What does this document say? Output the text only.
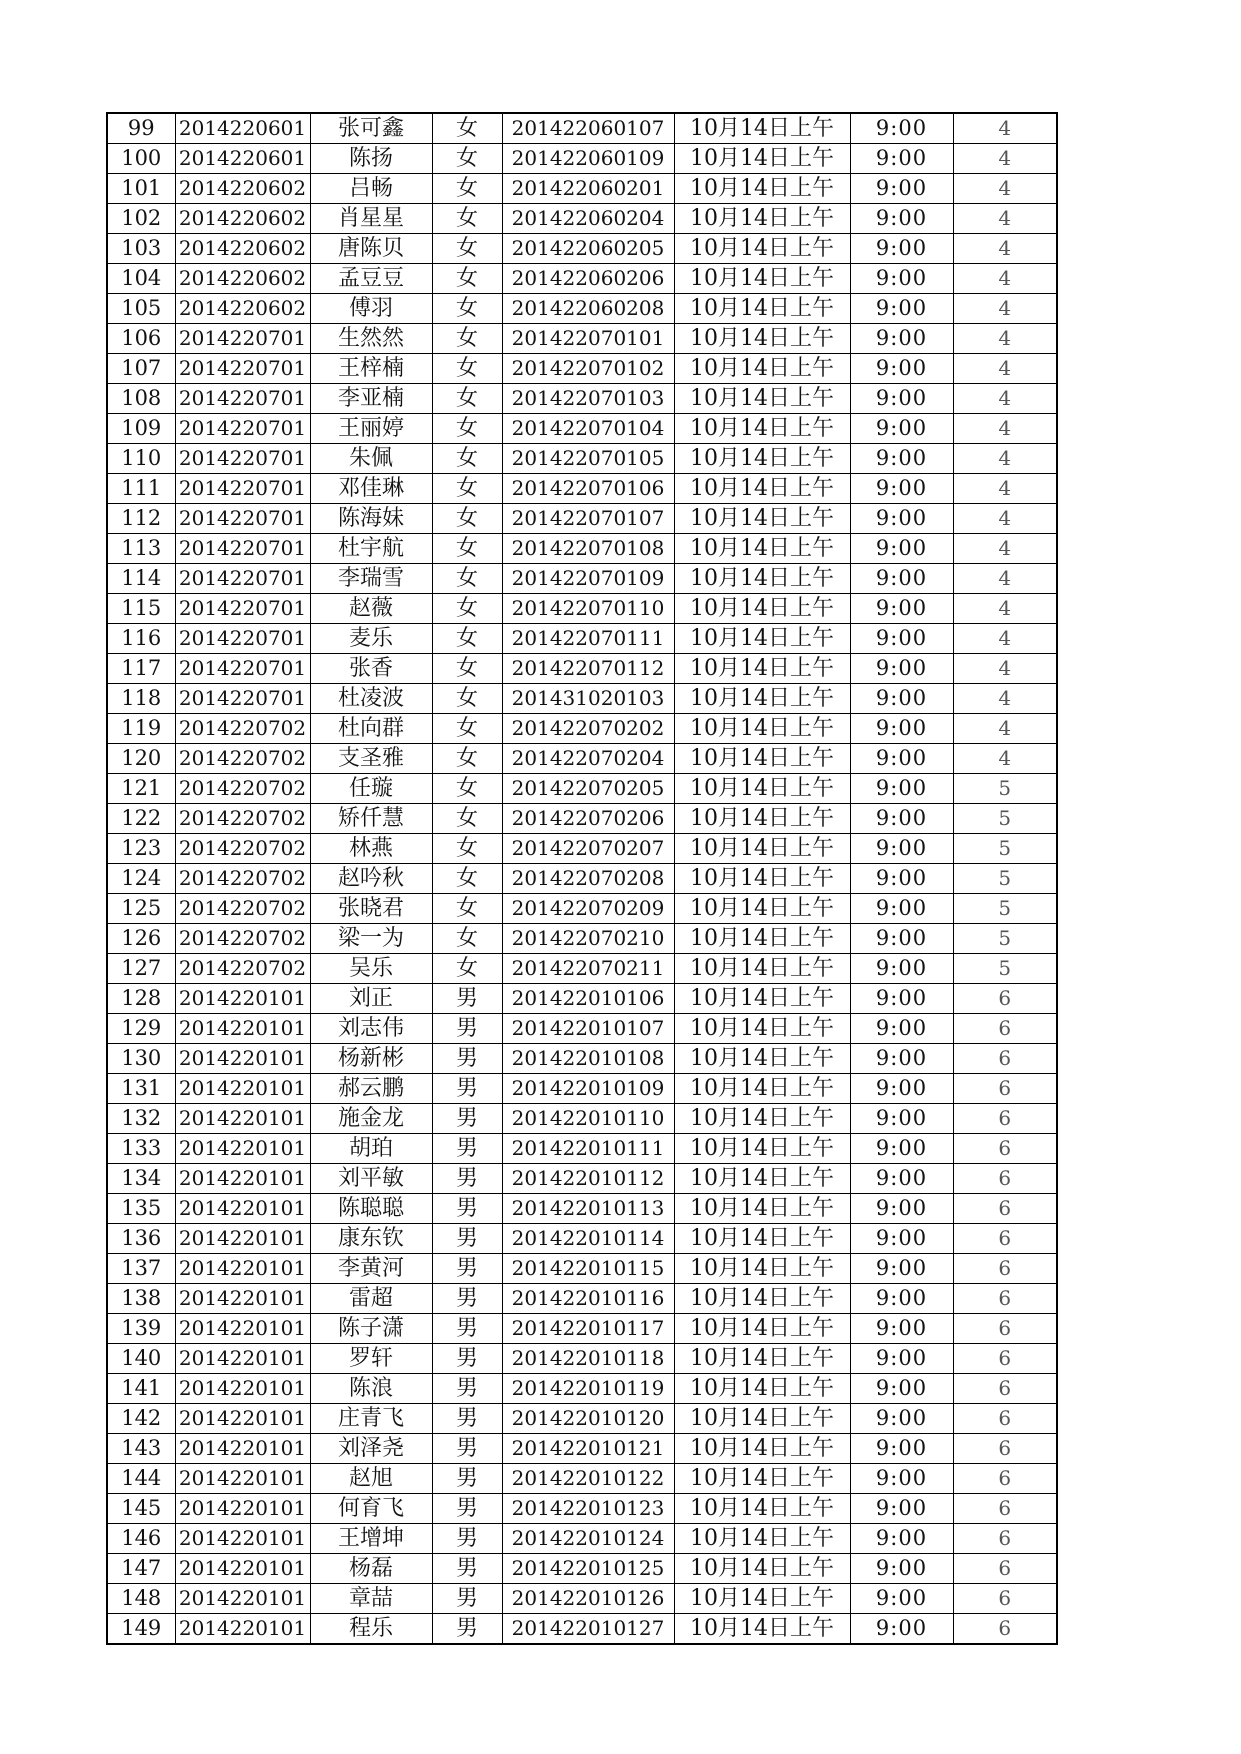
99	2014220601	张可鑫	女	201422060107	10月14日上午	9:00	4
100	2014220601	陈扬	女	201422060109	10月14日上午	9:00	4
101	2014220602	吕畅	女	201422060201	10月14日上午	9:00	4
102	2014220602	肖星星	女	201422060204	10月14日上午	9:00	4
103	2014220602	唐陈贝	女	201422060205	10月14日上午	9:00	4
104	2014220602	孟豆豆	女	201422060206	10月14日上午	9:00	4
105	2014220602	傅羽	女	201422060208	10月14日上午	9:00	4
106	2014220701	生然然	女	201422070101	10月14日上午	9:00	4
107	2014220701	王梓楠	女	201422070102	10月14日上午	9:00	4
108	2014220701	李亚楠	女	201422070103	10月14日上午	9:00	4
109	2014220701	王丽婷	女	201422070104	10月14日上午	9:00	4
110	2014220701	朱佩	女	201422070105	10月14日上午	9:00	4
111	2014220701	邓佳琳	女	201422070106	10月14日上午	9:00	4
112	2014220701	陈海妹	女	201422070107	10月14日上午	9:00	4
113	2014220701	杜宇航	女	201422070108	10月14日上午	9:00	4
114	2014220701	李瑞雪	女	201422070109	10月14日上午	9:00	4
115	2014220701	赵薇	女	201422070110	10月14日上午	9:00	4
116	2014220701	麦乐	女	201422070111	10月14日上午	9:00	4
117	2014220701	张香	女	201422070112	10月14日上午	9:00	4
118	2014220701	杜凌波	女	201431020103	10月14日上午	9:00	4
119	2014220702	杜向群	女	201422070202	10月14日上午	9:00	4
120	2014220702	支圣雅	女	201422070204	10月14日上午	9:00	4
121	2014220702	任璇	女	201422070205	10月14日上午	9:00	5
122	2014220702	矫仟慧	女	201422070206	10月14日上午	9:00	5
123	2014220702	林燕	女	201422070207	10月14日上午	9:00	5
124	2014220702	赵吟秋	女	201422070208	10月14日上午	9:00	5
125	2014220702	张晓君	女	201422070209	10月14日上午	9:00	5
126	2014220702	梁一为	女	201422070210	10月14日上午	9:00	5
127	2014220702	吴乐	女	201422070211	10月14日上午	9:00	5
128	2014220101	刘正	男	201422010106	10月14日上午	9:00	6
129	2014220101	刘志伟	男	201422010107	10月14日上午	9:00	6
130	2014220101	杨新彬	男	201422010108	10月14日上午	9:00	6
131	2014220101	郝云鹏	男	201422010109	10月14日上午	9:00	6
132	2014220101	施金龙	男	201422010110	10月14日上午	9:00	6
133	2014220101	胡珀	男	201422010111	10月14日上午	9:00	6
134	2014220101	刘平敏	男	201422010112	10月14日上午	9:00	6
135	2014220101	陈聪聪	男	201422010113	10月14日上午	9:00	6
136	2014220101	康东钦	男	201422010114	10月14日上午	9:00	6
137	2014220101	李黄河	男	201422010115	10月14日上午	9:00	6
138	2014220101	雷超	男	201422010116	10月14日上午	9:00	6
139	2014220101	陈子潇	男	201422010117	10月14日上午	9:00	6
140	2014220101	罗轩	男	201422010118	10月14日上午	9:00	6
141	2014220101	陈浪	男	201422010119	10月14日上午	9:00	6
142	2014220101	庄青飞	男	201422010120	10月14日上午	9:00	6
143	2014220101	刘泽尧	男	201422010121	10月14日上午	9:00	6
144	2014220101	赵旭	男	201422010122	10月14日上午	9:00	6
145	2014220101	何育飞	男	201422010123	10月14日上午	9:00	6
146	2014220101	王增坤	男	201422010124	10月14日上午	9:00	6
147	2014220101	杨磊	男	201422010125	10月14日上午	9:00	6
148	2014220101	章喆	男	201422010126	10月14日上午	9:00	6
149	2014220101	程乐	男	201422010127	10月14日上午	9:00	6
